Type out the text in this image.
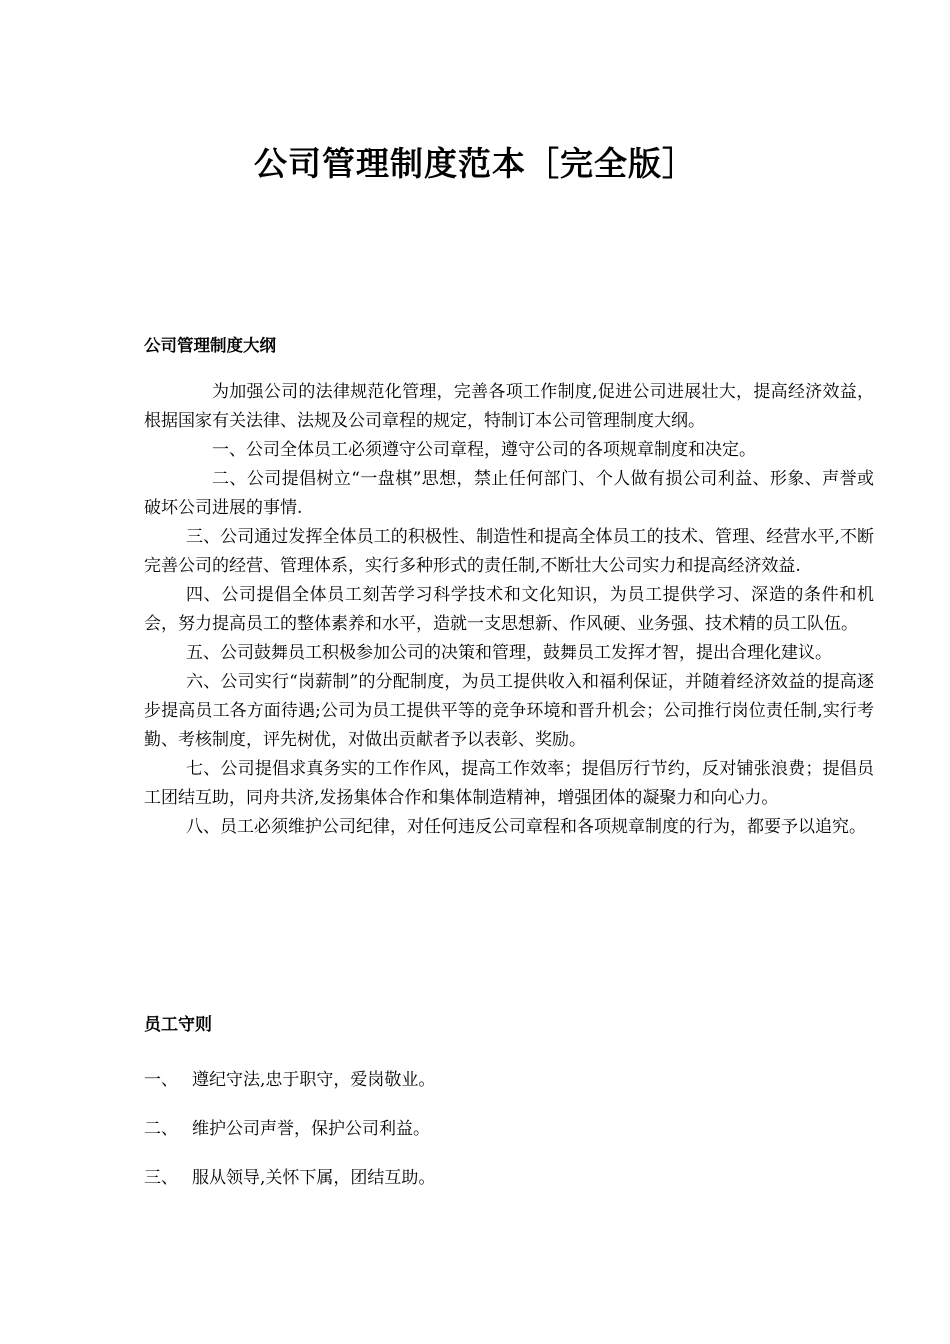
公司管理制度范本［完全版］
公司管理制度大纲

为加强公司的法律规范化管理，完善各项工作制度,促进公司进展壮大，提高经济效益，根据国家有关法律、法规及公司章程的规定，特制订本公司管理制度大纲。

一、公司全体员工必须遵守公司章程，遵守公司的各项规章制度和决定。

二、公司提倡树立“一盘棋”思想，禁止任何部门、个人做有损公司利益、形象、声誉或破坏公司进展的事情.

三、公司通过发挥全体员工的积极性、制造性和提高全体员工的技术、管理、经营水平,不断完善公司的经营、管理体系，实行多种形式的责任制,不断壮大公司实力和提高经济效益.

四、公司提倡全体员工刻苦学习科学技术和文化知识，为员工提供学习、深造的条件和机会，努力提高员工的整体素养和水平，造就一支思想新、作风硬、业务强、技术精的员工队伍。

五、公司鼓舞员工积极参加公司的决策和管理，鼓舞员工发挥才智，提出合理化建议。

六、公司实行“岗薪制”的分配制度，为员工提供收入和福利保证，并随着经济效益的提高逐步提高员工各方面待遇;公司为员工提供平等的竞争环境和晋升机会；公司推行岗位责任制,实行考勤、考核制度，评先树优，对做出贡献者予以表彰、奖励。

七、公司提倡求真务实的工作作风，提高工作效率；提倡厉行节约，反对铺张浪费；提倡员工团结互助，同舟共济,发扬集体合作和集体制造精神，增强团体的凝聚力和向心力。

八、员工必须维护公司纪律，对任何违反公司章程和各项规章制度的行为，都要予以追究。

员工守则
一、 遵纪守法,忠于职守，爱岗敬业。
二、 维护公司声誉，保护公司利益。
三、 服从领导,关怀下属，团结互助。
